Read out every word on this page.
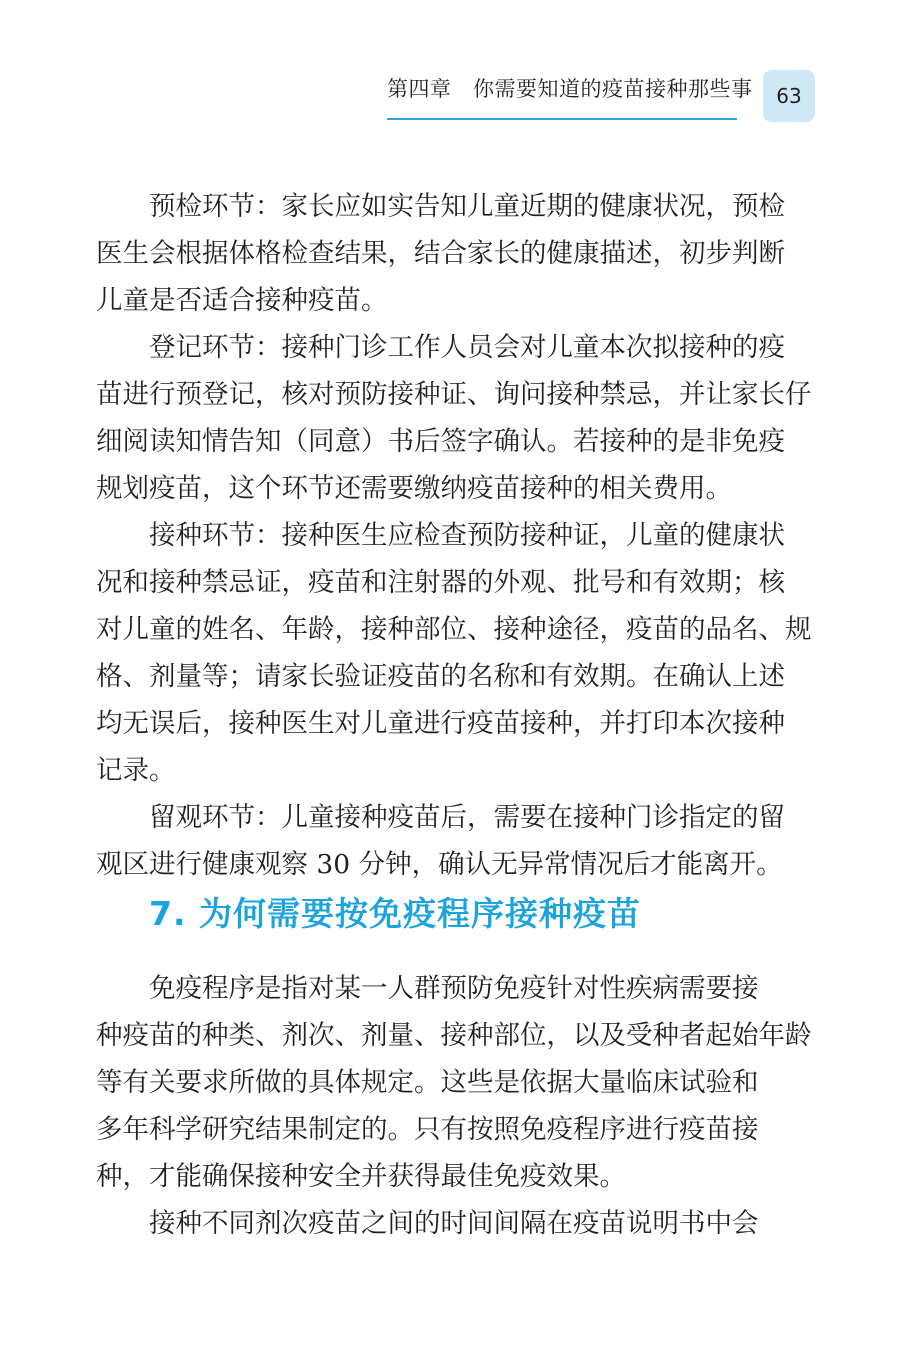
第四章　你需要知道的疫苗接种那些事	63

预检环节：家长应如实告知儿童近期的健康状况，预检
医生会根据体格检查结果，结合家长的健康描述，初步判断
儿童是否适合接种疫苗。

登记环节：接种门诊工作人员会对儿童本次拟接种的疫
苗进行预登记，核对预防接种证、询问接种禁忌，并让家长仔
细阅读知情告知（同意）书后签字确认。若接种的是非免疫
规划疫苗，这个环节还需要缴纳疫苗接种的相关费用。

接种环节：接种医生应检查预防接种证，儿童的健康状
况和接种禁忌证，疫苗和注射器的外观、批号和有效期；核
对儿童的姓名、年龄，接种部位、接种途径，疫苗的品名、规
格、剂量等；请家长验证疫苗的名称和有效期。在确认上述
均无误后，接种医生对儿童进行疫苗接种，并打印本次接种
记录。

留观环节：儿童接种疫苗后，需要在接种门诊指定的留
观区进行健康观察 30 分钟，确认无异常情况后才能离开。

7. 为何需要按免疫程序接种疫苗

免疫程序是指对某一人群预防免疫针对性疾病需要接
种疫苗的种类、剂次、剂量、接种部位，以及受种者起始年龄
等有关要求所做的具体规定。这些是依据大量临床试验和
多年科学研究结果制定的。只有按照免疫程序进行疫苗接
种，才能确保接种安全并获得最佳免疫效果。

接种不同剂次疫苗之间的时间间隔在疫苗说明书中会
